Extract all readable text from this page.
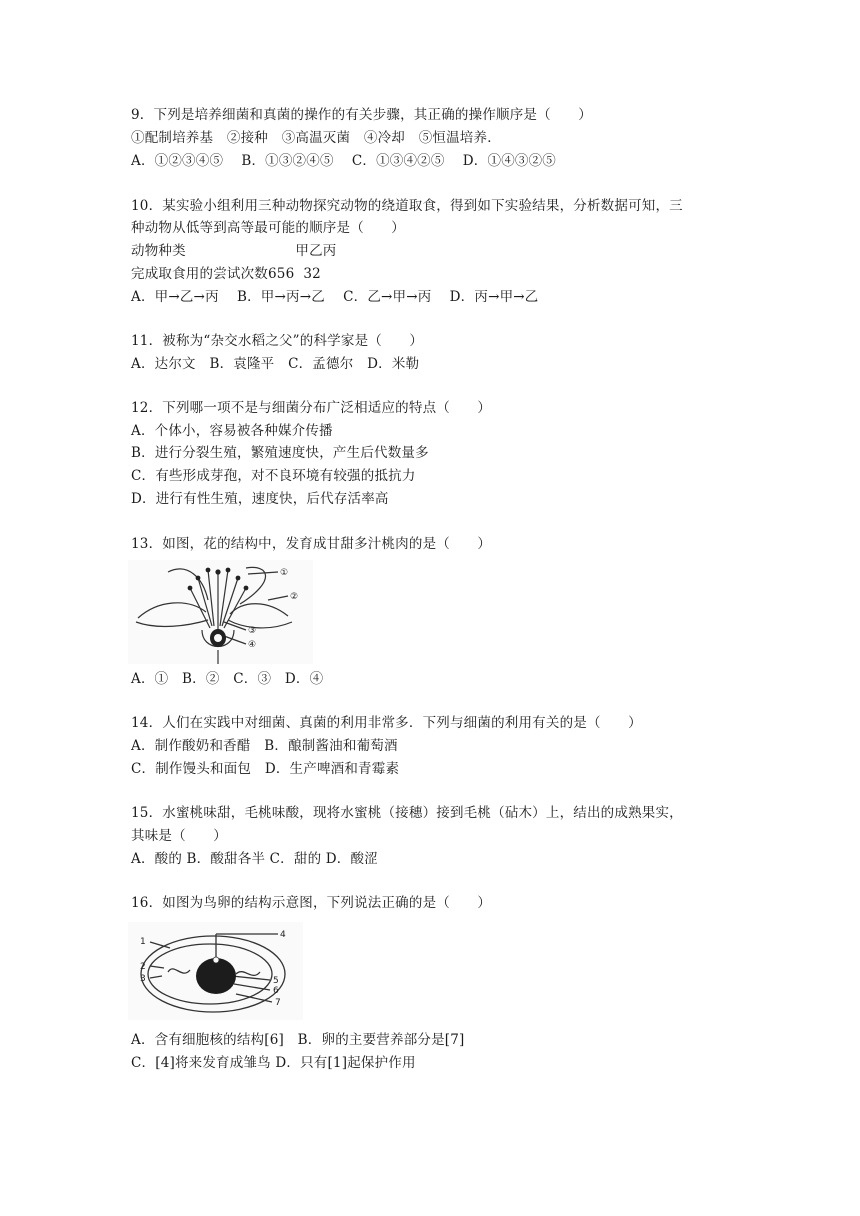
9．下列是培养细菌和真菌的操作的有关步骤，其正确的操作顺序是（　　）
①配制培养基　②接种　③高温灭菌　④冷却　⑤恒温培养．
A．①②③④⑤　 B．①③②④⑤　 C．①③④②⑤　 D．①④③②⑤
10．某实验小组利用三种动物探究动物的绕道取食，得到如下实验结果，分析数据可知，三
种动物从低等到高等最可能的顺序是（　　）
动物种类　　　　　　　　甲乙丙
完成取食用的尝试次数656  32
A．甲→乙→丙　 B．甲→丙→乙　 C．乙→甲→丙　 D．丙→甲→乙
11．被称为“杂交水稻之父”的科学家是（　　）
A．达尔文　B．袁隆平　C．孟德尔　D．米勒
12．下列哪一项不是与细菌分布广泛相适应的特点（　　）
A．个体小，容易被各种媒介传播
B．进行分裂生殖，繁殖速度快，产生后代数量多
C．有些形成芽孢，对不良环境有较强的抵抗力
D．进行有性生殖，速度快，后代存活率高
13．如图，花的结构中，发育成甘甜多汁桃肉的是（　　）
①
②
③
④
A．①　B．②　C．③　D．④
14．人们在实践中对细菌、真菌的利用非常多．下列与细菌的利用有关的是（　　）
A．制作酸奶和香醋　B．酿制酱油和葡萄酒
C．制作馒头和面包　D．生产啤酒和青霉素
15．水蜜桃味甜，毛桃味酸，现将水蜜桃（接穗）接到毛桃（砧木）上，结出的成熟果实，
其味是（　　）
A．酸的 B．酸甜各半 C．甜的 D．酸涩
16．如图为鸟卵的结构示意图，下列说法正确的是（　　）
1
2
3
4
5
6
7
A．含有细胞核的结构[6]　B．卵的主要营养部分是[7]
C．[4]将来发育成雏鸟 D．只有[1]起保护作用
